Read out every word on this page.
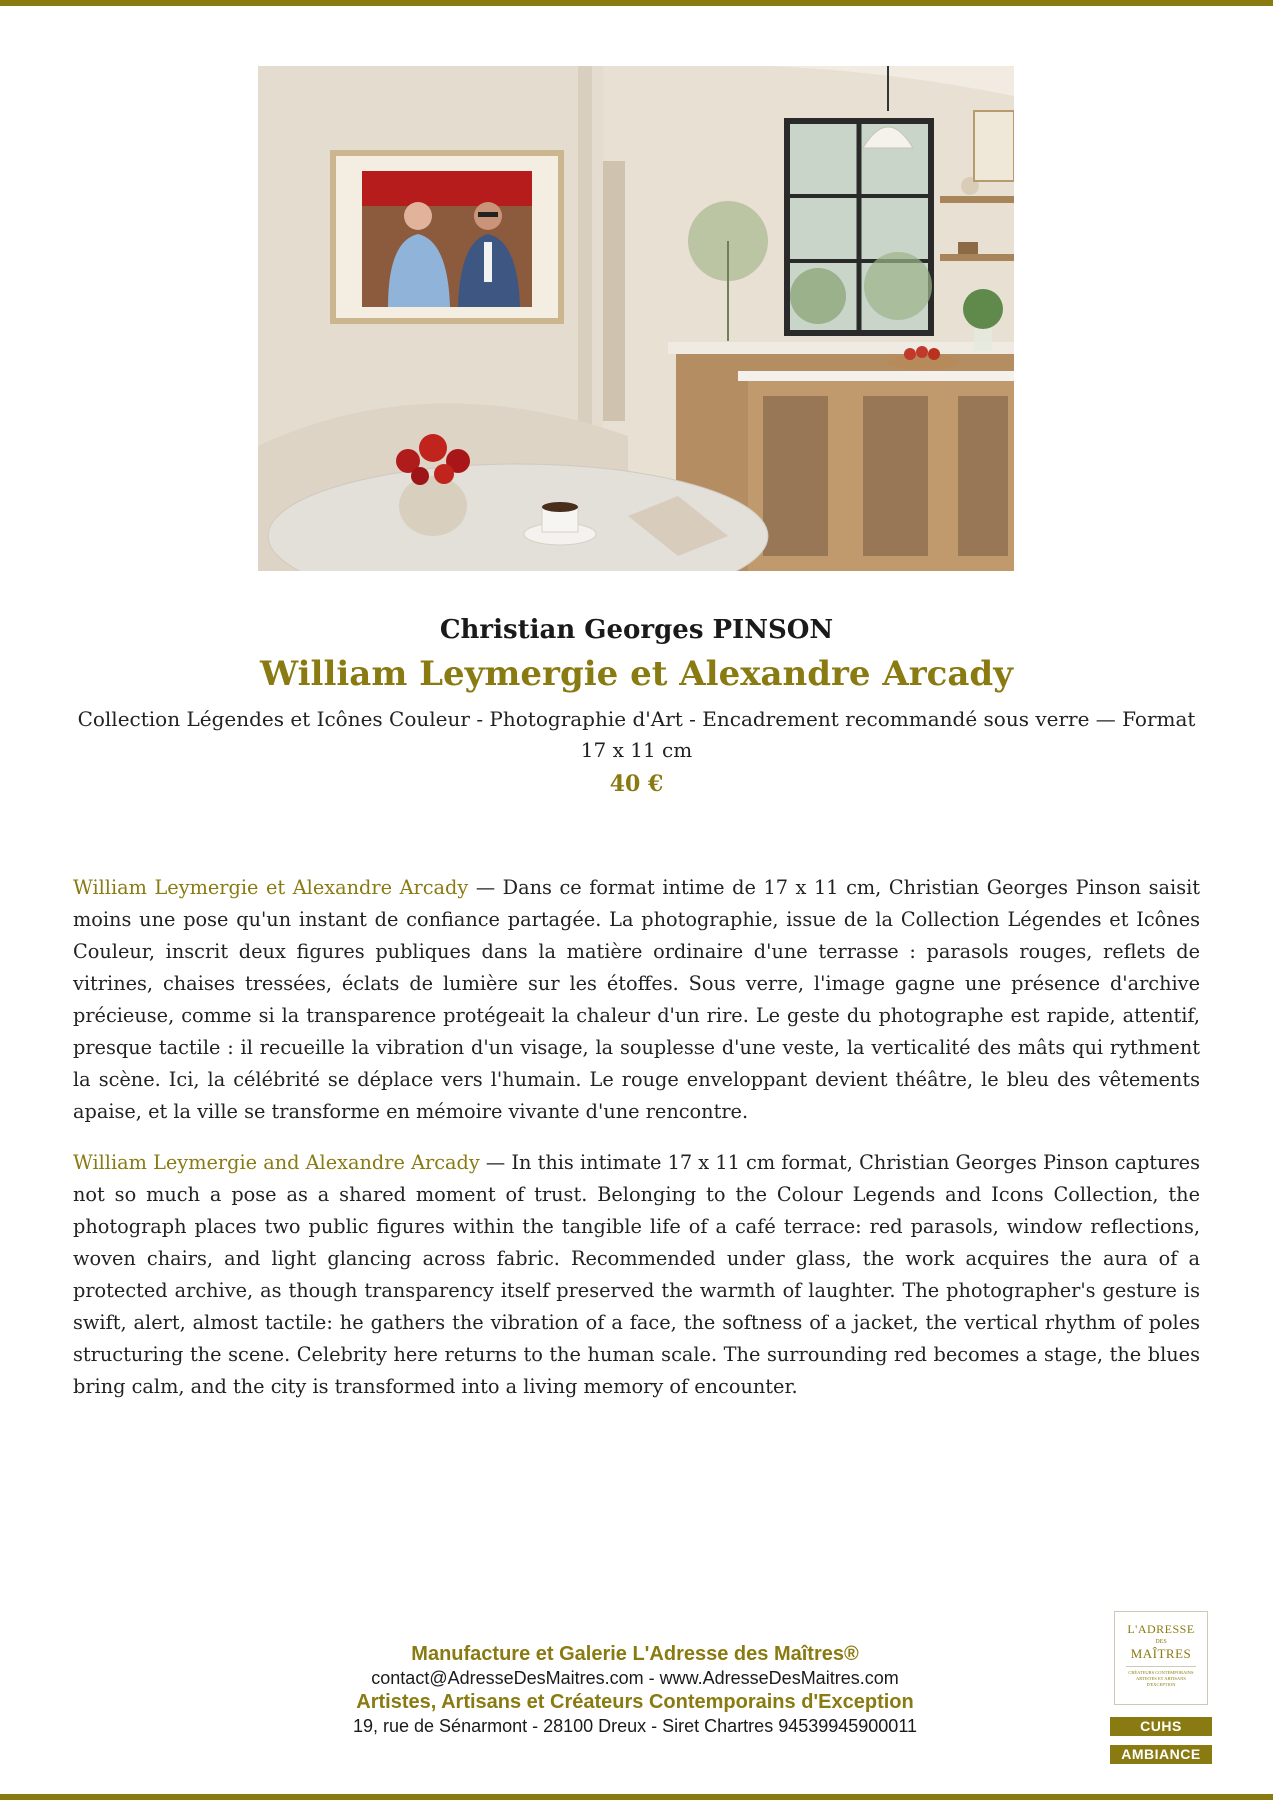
Christian Georges PINSON
William Leymergie et Alexandre Arcady
Collection Légendes et Icônes Couleur - Photographie d'Art - Encadrement recommandé sous verre — Format 17 x 11 cm
40 €

William Leymergie et Alexandre Arcady — Dans ce format intime de 17 x 11 cm, Christian Georges Pinson saisit moins une pose qu'un instant de confiance partagée. La photographie, issue de la Collection Légendes et Icônes Couleur, inscrit deux figures publiques dans la matière ordinaire d'une terrasse : parasols rouges, reflets de vitrines, chaises tressées, éclats de lumière sur les étoffes. Sous verre, l'image gagne une présence d'archive précieuse, comme si la transparence protégeait la chaleur d'un rire. Le geste du photographe est rapide, attentif, presque tactile : il recueille la vibration d'un visage, la souplesse d'une veste, la verticalité des mâts qui rythment la scène. Ici, la célébrité se déplace vers l'humain. Le rouge enveloppant devient théâtre, le bleu des vêtements apaise, et la ville se transforme en mémoire vivante d'une rencontre.

William Leymergie and Alexandre Arcady — In this intimate 17 x 11 cm format, Christian Georges Pinson captures not so much a pose as a shared moment of trust. Belonging to the Colour Legends and Icons Collection, the photograph places two public figures within the tangible life of a café terrace: red parasols, window reflections, woven chairs, and light glancing across fabric. Recommended under glass, the work acquires the aura of a protected archive, as though transparency itself preserved the warmth of laughter. The photographer's gesture is swift, alert, almost tactile: he gathers the vibration of a face, the softness of a jacket, the vertical rhythm of poles structuring the scene. Celebrity here returns to the human scale. The surrounding red becomes a stage, the blues bring calm, and the city is transformed into a living memory of encounter.

Manufacture et Galerie L'Adresse des Maîtres®
contact@AdresseDesMaitres.com - www.AdresseDesMaitres.com
Artistes, Artisans et Créateurs Contemporains d'Exception
19, rue de Sénarmont - 28100 Dreux - Siret Chartres 94539945900011
L'ADRESSE
DES
MAÎTRES
CRÉATEURS CONTEMPORAINS ARTISTES ET ARTISANS D'EXCEPTION
CUHS
AMBIANCE
